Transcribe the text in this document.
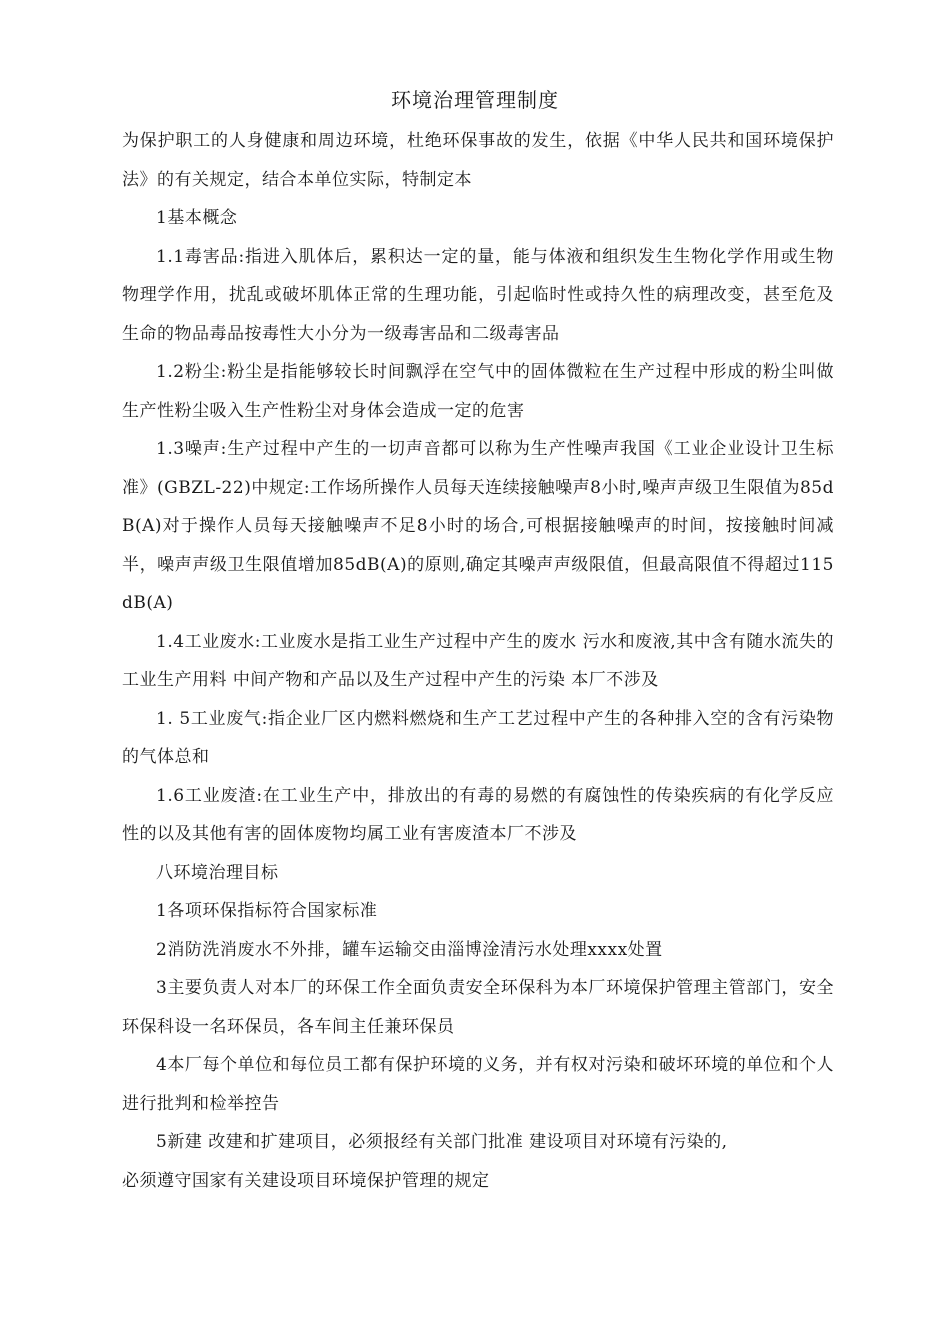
环境治理管理制度

为保护职工的人身健康和周边环境，杜绝环保事故的发生，依据《中华人民共和国环境保护法》的有关规定，结合本单位实际，特制定本

1基本概念

1.1毒害品:指进入肌体后，累积达一定的量，能与体液和组织发生生物化学作用或生物物理学作用，扰乱或破坏肌体正常的生理功能，引起临时性或持久性的病理改变，甚至危及生命的物品毒品按毒性大小分为一级毒害品和二级毒害品

1.2粉尘:粉尘是指能够较长时间飘浮在空气中的固体微粒在生产过程中形成的粉尘叫做生产性粉尘吸入生产性粉尘对身体会造成一定的危害

1.3噪声:生产过程中产生的一切声音都可以称为生产性噪声我国《工业企业设计卫生标准》(GBZL-22)中规定:工作场所操作人员每天连续接触噪声8小时,噪声声级卫生限值为85dB(A)对于操作人员每天接触噪声不足8小时的场合,可根据接触噪声的时间，按接触时间减半，噪声声级卫生限值增加85dB(A)的原则,确定其噪声声级限值，但最高限值不得超过115dB(A)

1.4工业废水:工业废水是指工业生产过程中产生的废水 污水和废液,其中含有随水流失的工业生产用料 中间产物和产品以及生产过程中产生的污染 本厂不涉及

1. 5工业废气:指企业厂区内燃料燃烧和生产工艺过程中产生的各种排入空的含有污染物的气体总和

1.6工业废渣:在工业生产中，排放出的有毒的易燃的有腐蚀性的传染疾病的有化学反应性的以及其他有害的固体废物均属工业有害废渣本厂不涉及

八环境治理目标

1各项环保指标符合国家标准

2消防洗消废水不外排，罐车运输交由淄博淦清污水处理xxxx处置

3主要负责人对本厂的环保工作全面负责安全环保科为本厂环境保护管理主管部门，安全环保科设一名环保员，各车间主任兼环保员

4本厂每个单位和每位员工都有保护环境的义务，并有权对污染和破坏环境的单位和个人进行批判和检举控告

5新建 改建和扩建项目，必须报经有关部门批准 建设项目对环境有污染的,

必须遵守国家有关建设项目环境保护管理的规定
